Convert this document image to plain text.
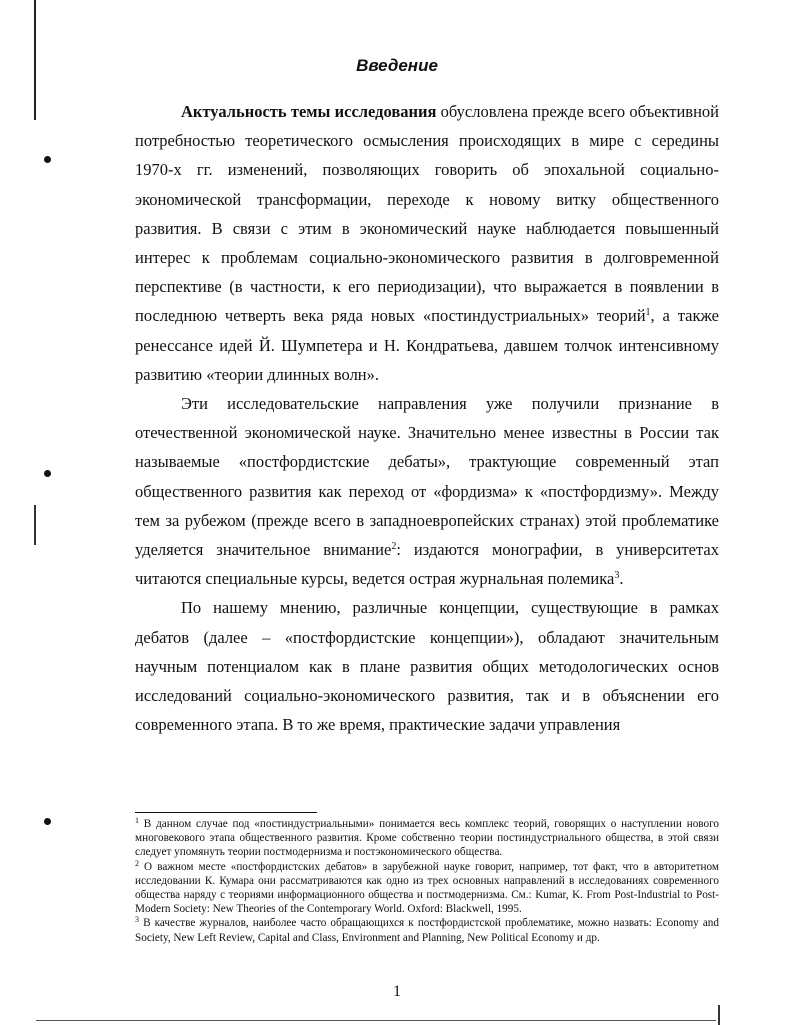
Введение

Актуальность темы исследования обусловлена прежде всего объективной потребностью теоретического осмысления происходящих в мире с середины 1970-х гг. изменений, позволяющих говорить об эпохальной социально-экономической трансформации, переходе к новому витку общественного развития. В связи с этим в экономический науке наблюдается повышенный интерес к проблемам социально-экономического развития в долговременной перспективе (в частности, к его периодизации), что выражается в появлении в последнюю четверть века ряда новых «постиндустриальных» теорий$^1$, а также ренессансе идей Й. Шумпетера и Н. Кондратьева, давшем толчок интенсивному развитию «теории длинных волн».

Эти исследовательские направления уже получили признание в отечественной экономической науке. Значительно менее известны в России так называемые «постфордистские дебаты», трактующие современный этап общественного развития как переход от «фордизма» к «постфордизму». Между тем за рубежом (прежде всего в западноевропейских странах) этой проблематике уделяется значительное внимание$^2$: издаются монографии, в университетах читаются специальные курсы, ведется острая журнальная полемика$^3$.

По нашему мнению, различные концепции, существующие в рамках дебатов (далее – «постфордистские концепции»), обладают значительным научным потенциалом как в плане развития общих методологических основ исследований социально-экономического развития, так и в объяснении его современного этапа. В то же время, практические задачи управления

$^1$ В данном случае под «постиндустриальными» понимается весь комплекс теорий, говорящих о наступлении нового многовекового этапа общественного развития. Кроме собственно теории постиндустриального общества, в этой связи следует упомянуть теории постмодернизма и постэкономического общества.

$^2$ О важном месте «постфордистских дебатов» в зарубежной науке говорит, например, тот факт, что в авторитетном исследовании К. Кумара они рассматриваются как одно из трех основных направлений в исследованиях современного общества наряду с теориями информационного общества и постмодернизма. См.: Kumar, K. From Post-Industrial to Post-Modern Society: New Theories of the Contemporary World. Oxford: Blackwell, 1995.

$^3$ В качестве журналов, наиболее часто обращающихся к постфордистской проблематике, можно назвать: Economy and Society, New Left Review, Capital and Class, Environment and Planning, New Political Economy и др.

1
